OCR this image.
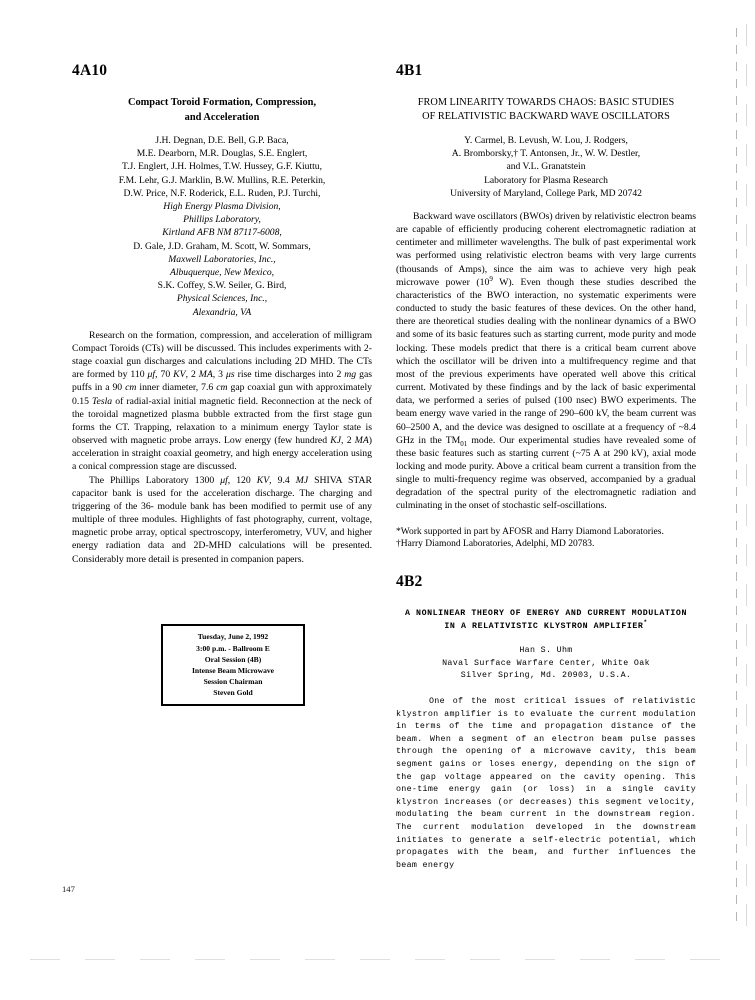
4A10
Compact Toroid Formation, Compression,
and Acceleration
J.H. Degnan, D.E. Bell, G.P. Baca,
M.E. Dearborn, M.R. Douglas, S.E. Englert,
T.J. Englert, J.H. Holmes, T.W. Hussey, G.F. Kiuttu,
F.M. Lehr, G.J. Marklin, B.W. Mullins, R.E. Peterkin,
D.W. Price, N.F. Roderick, E.L. Ruden, P.J. Turchi,
High Energy Plasma Division,
Phillips Laboratory,
Kirtland AFB NM 87117-6008,
D. Gale, J.D. Graham, M. Scott, W. Sommars,
Maxwell Laboratories, Inc.,
Albuquerque, New Mexico,
S.K. Coffey, S.W. Seiler, G. Bird,
Physical Sciences, Inc.,
Alexandria, VA

Research on the formation, compression, and acceleration of milligram Compact Toroids (CTs) will be discussed. This includes experiments with 2-stage coaxial gun discharges and calculations including 2D MHD. The CTs are formed by 110 μf, 70 KV, 2 MA, 3 μs rise time discharges into 2 mg gas puffs in a 90 cm inner diameter, 7.6 cm gap coaxial gun with approximately 0.15 Tesla of radial-axial initial magnetic field. Reconnection at the neck of the toroidal magnetized plasma bubble extracted from the first stage gun forms the CT. Trapping, relaxation to a minimum energy Taylor state is observed with magnetic probe arrays. Low energy (few hundred KJ, 2 MA) acceleration in straight coaxial geometry, and high energy acceleration using a conical compression stage are discussed.

The Phillips Laboratory 1300 μf, 120 KV, 9.4 MJ SHIVA STAR capacitor bank is used for the acceleration discharge. The charging and triggering of the 36- module bank has been modified to permit use of any multiple of three modules. Highlights of fast photography, current, voltage, magnetic probe array, optical spectroscopy, interferometry, VUV, and higher energy radiation data and 2D-MHD calculations will be presented. Considerably more detail is presented in companion papers.

4B1
FROM LINEARITY TOWARDS CHAOS: BASIC STUDIES
OF RELATIVISTIC BACKWARD WAVE OSCILLATORS
Y. Carmel, B. Levush, W. Lou, J. Rodgers,
A. Bromborsky,† T. Antonsen, Jr., W. W. Destler,
and V.L. Granatstein
Laboratory for Plasma Research
University of Maryland, College Park, MD 20742

Backward wave oscillators (BWOs) driven by relativistic electron beams are capable of efficiently producing coherent electromagnetic radiation at centimeter and millimeter wavelengths. The bulk of past experimental work was performed using relativistic electron beams with very large currents (thousands of Amps), since the aim was to achieve very high peak microwave power ($10^9$ W). Even though these studies described the characteristics of the BWO interaction, no systematic experiments were conducted to study the basic features of these devices. On the other hand, there are theoretical studies dealing with the nonlinear dynamics of a BWO and some of its basic features such as starting current, mode purity and mode locking. These models predict that there is a critical beam current above which the oscillator will be driven into a multifrequency regime and that most of the previous experiments have operated well above this critical current. Motivated by these findings and by the lack of basic experimental data, we performed a series of pulsed (100 nsec) BWO experiments. The beam energy wave varied in the range of 290–600 kV, the beam current was 60–2500 A, and the device was designed to oscillate at a frequency of ~8.4 GHz in the $TM_{01}$ mode. Our experimental studies have revealed some of these basic features such as starting current (~75 A at 290 kV), axial mode locking and mode purity. Above a critical beam current a transition from the single to multi-frequency regime was observed, accompanied by a gradual degradation of the spectral purity of the electromagnetic radiation and culminating in the onset of stochastic self-oscillations.

*Work supported in part by AFOSR and Harry Diamond Laboratories.

†Harry Diamond Laboratories, Adelphi, MD 20783.

4B2
A NONLINEAR THEORY OF ENERGY AND CURRENT MODULATION
IN A RELATIVISTIC KLYSTRON AMPLIFIER*
Han S. Uhm
Naval Surface Warfare Center, White Oak
Silver Spring, Md. 20903, U.S.A.

One of the most critical issues of relativistic klystron amplifier is to evaluate the current modulation in terms of the time and propagation distance of the beam. When a segment of an electron beam pulse passes through the opening of a microwave cavity, this beam segment gains or loses energy, depending on the sign of the gap voltage appeared on the cavity opening. This one-time energy gain (or loss) in a single cavity klystron increases (or decreases) this segment velocity, modulating the beam current in the downstream region. The current modulation developed in the downstream initiates to generate a self-electric potential, which propagates with the beam, and further influences the beam energy

Tuesday, June 2, 1992
3:00 p.m. - Ballroom E
Oral Session (4B)
Intense Beam Microwave
Session Chairman
Steven Gold
147
